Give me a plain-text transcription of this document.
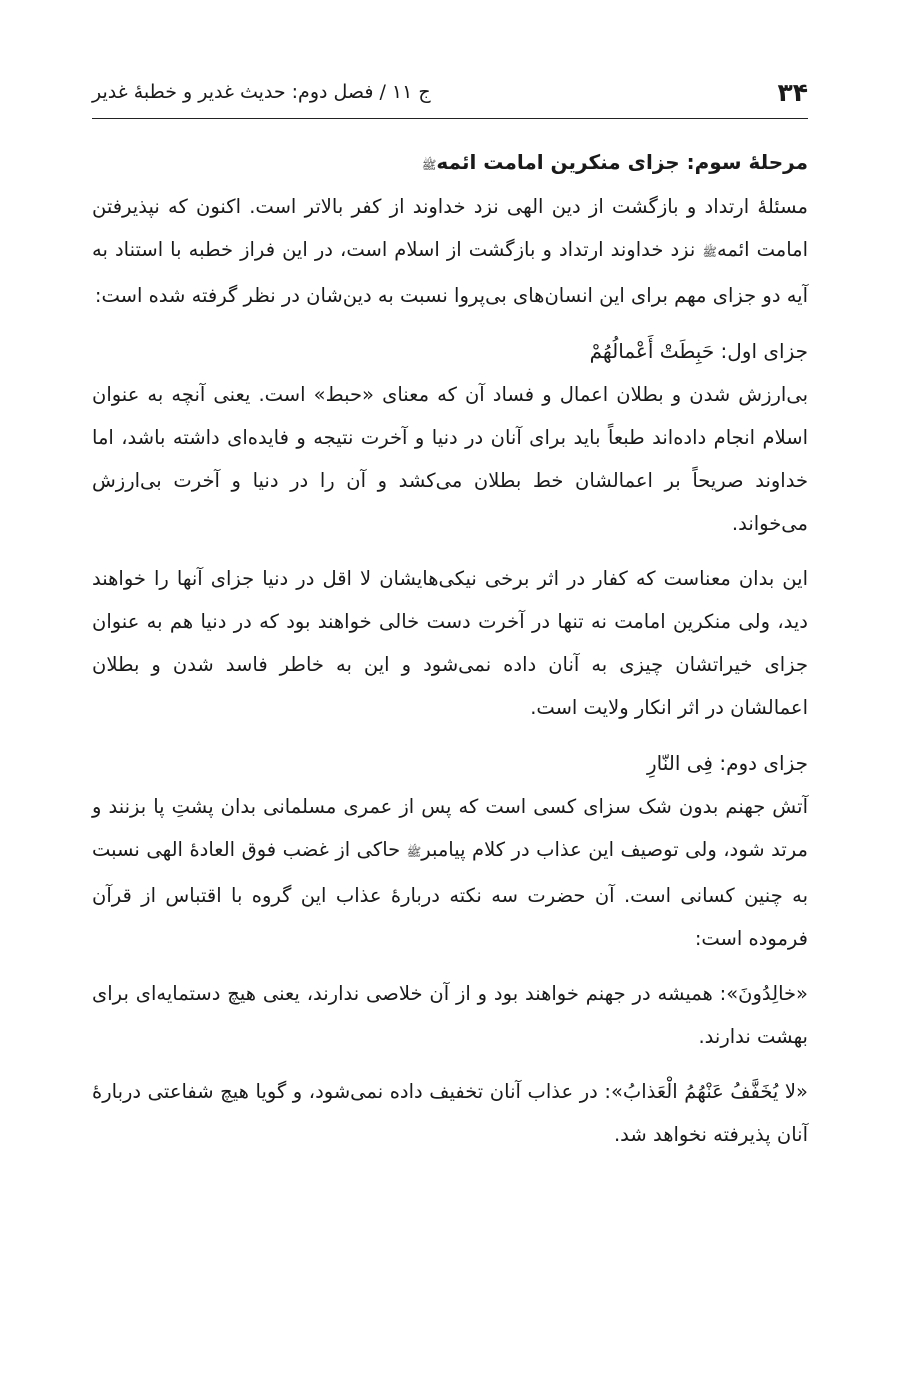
۳۴
ج ۱۱ / فصل دوم: حدیث غدیر و خطبهٔ غدیر

مرحلهٔ سوم: جزای منکرین امامت ائمهﷺ

مسئلهٔ ارتداد و بازگشت از دین الهی نزد خداوند از کفر بالاتر است. اکنون که نپذیرفتن امامت ائمهﷺ نزد خداوند ارتداد و بازگشت از اسلام است، در این فراز خطبه با استناد به آیه دو جزای مهم برای این انسان‌های بی‌پروا نسبت به دین‌شان در نظر گرفته شده است:

جزای اول: حَبِطَتْ أَعْمالُهُمْ

بی‌ارزش شدن و بطلان اعمال و فساد آن که معنای «حبط» است. یعنی آنچه به عنوان اسلام انجام داده‌اند طبعاً باید برای آنان در دنیا و آخرت نتیجه و فایده‌ای داشته باشد، اما خداوند صریحاً بر اعمالشان خط بطلان می‌کشد و آن را در دنیا و آخرت بی‌ارزش می‌خواند.

این بدان معناست که کفار در اثر برخی نیکی‌هایشان لا اقل در دنیا جزای آنها را خواهند دید، ولی منکرین امامت نه تنها در آخرت دست خالی خواهند بود که در دنیا هم به عنوان جزای خیراتشان چیزی به آنان داده نمی‌شود و این به خاطر فاسد شدن و بطلان اعمالشان در اثر انکار ولایت است.

جزای دوم: فِی النّارِ

آتش جهنم بدون شک سزای کسی است که پس از عمری مسلمانی بدان پشتِ پا بزنند و مرتد شود، ولی توصیف این عذاب در کلام پیامبرﷺ حاکی از غضب فوق العادهٔ الهی نسبت به چنین کسانی است. آن حضرت سه نکته دربارهٔ عذاب این گروه با اقتباس از قرآن فرموده است:

«خالِدُونَ»: همیشه در جهنم خواهند بود و از آن خلاصی ندارند، یعنی هیچ دستمایه‌ای برای بهشت ندارند.

«لا یُخَفَّفُ عَنْهُمُ الْعَذابُ»: در عذاب آنان تخفیف داده نمی‌شود، و گویا هیچ شفاعتی دربارهٔ آنان پذیرفته نخواهد شد.
